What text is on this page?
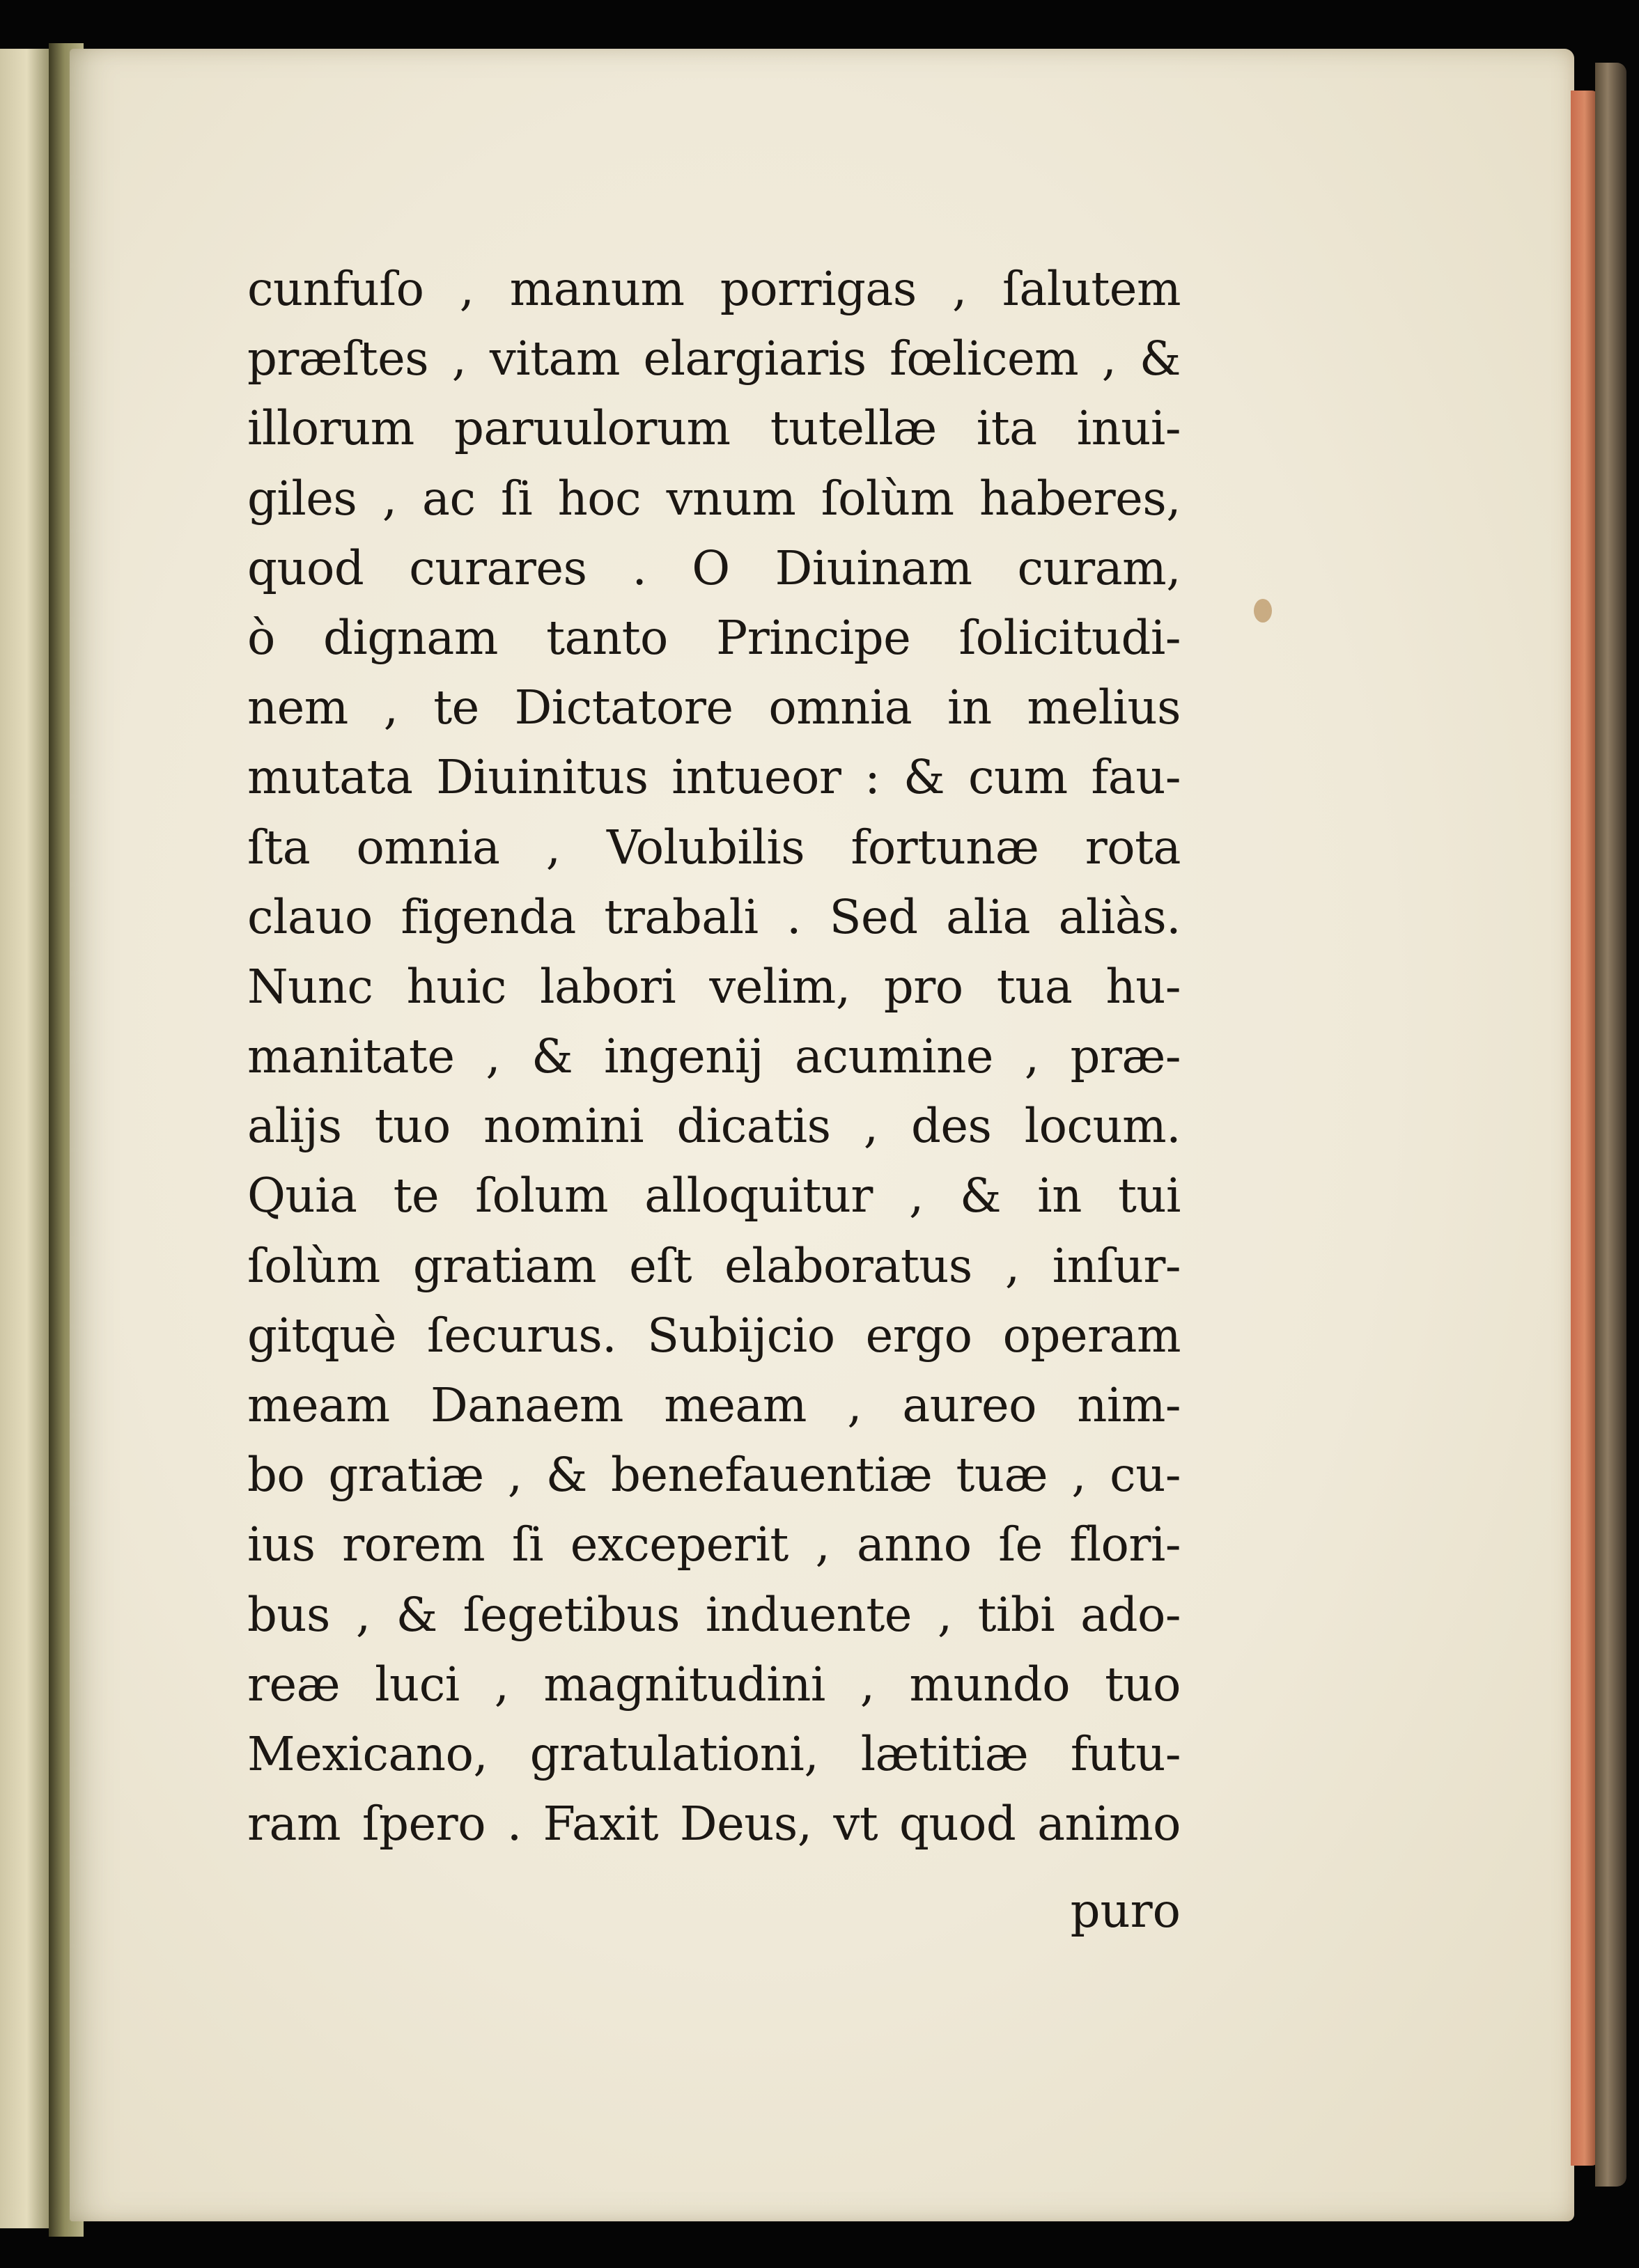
cunfuſo , manum porrigas , ſalutem
præſtes , vitam elargiaris fœlicem , &
illorum paruulorum tutellæ ita inui-
giles , ac ſi hoc vnum ſolùm haberes,
quod curares . O Diuinam curam,
ò dignam tanto Principe ſolicitudi-
nem , te Dictatore omnia in melius
mutata Diuinitus intueor : & cum fau-
ſta omnia , Volubilis fortunæ rota
clauo figenda trabali . Sed alia aliàs.
Nunc huic labori velim, pro tua hu-
manitate , & ingenij acumine , præ-
alijs tuo nomini dicatis , des locum.
Quia te ſolum alloquitur , & in tui
ſolùm gratiam eſt elaboratus , inſur-
gitquè ſecurus. Subijcio ergo operam
meam Danaem meam , aureo nim-
bo gratiæ , & benefauentiæ tuæ , cu-
ius rorem ſi exceperit , anno ſe flori-
bus , & ſegetibus induente , tibi ado-
reæ luci , magnitudini , mundo tuo
Mexicano, gratulationi, lætitiæ futu-
ram ſpero . Faxit Deus, vt quod animo
puro
